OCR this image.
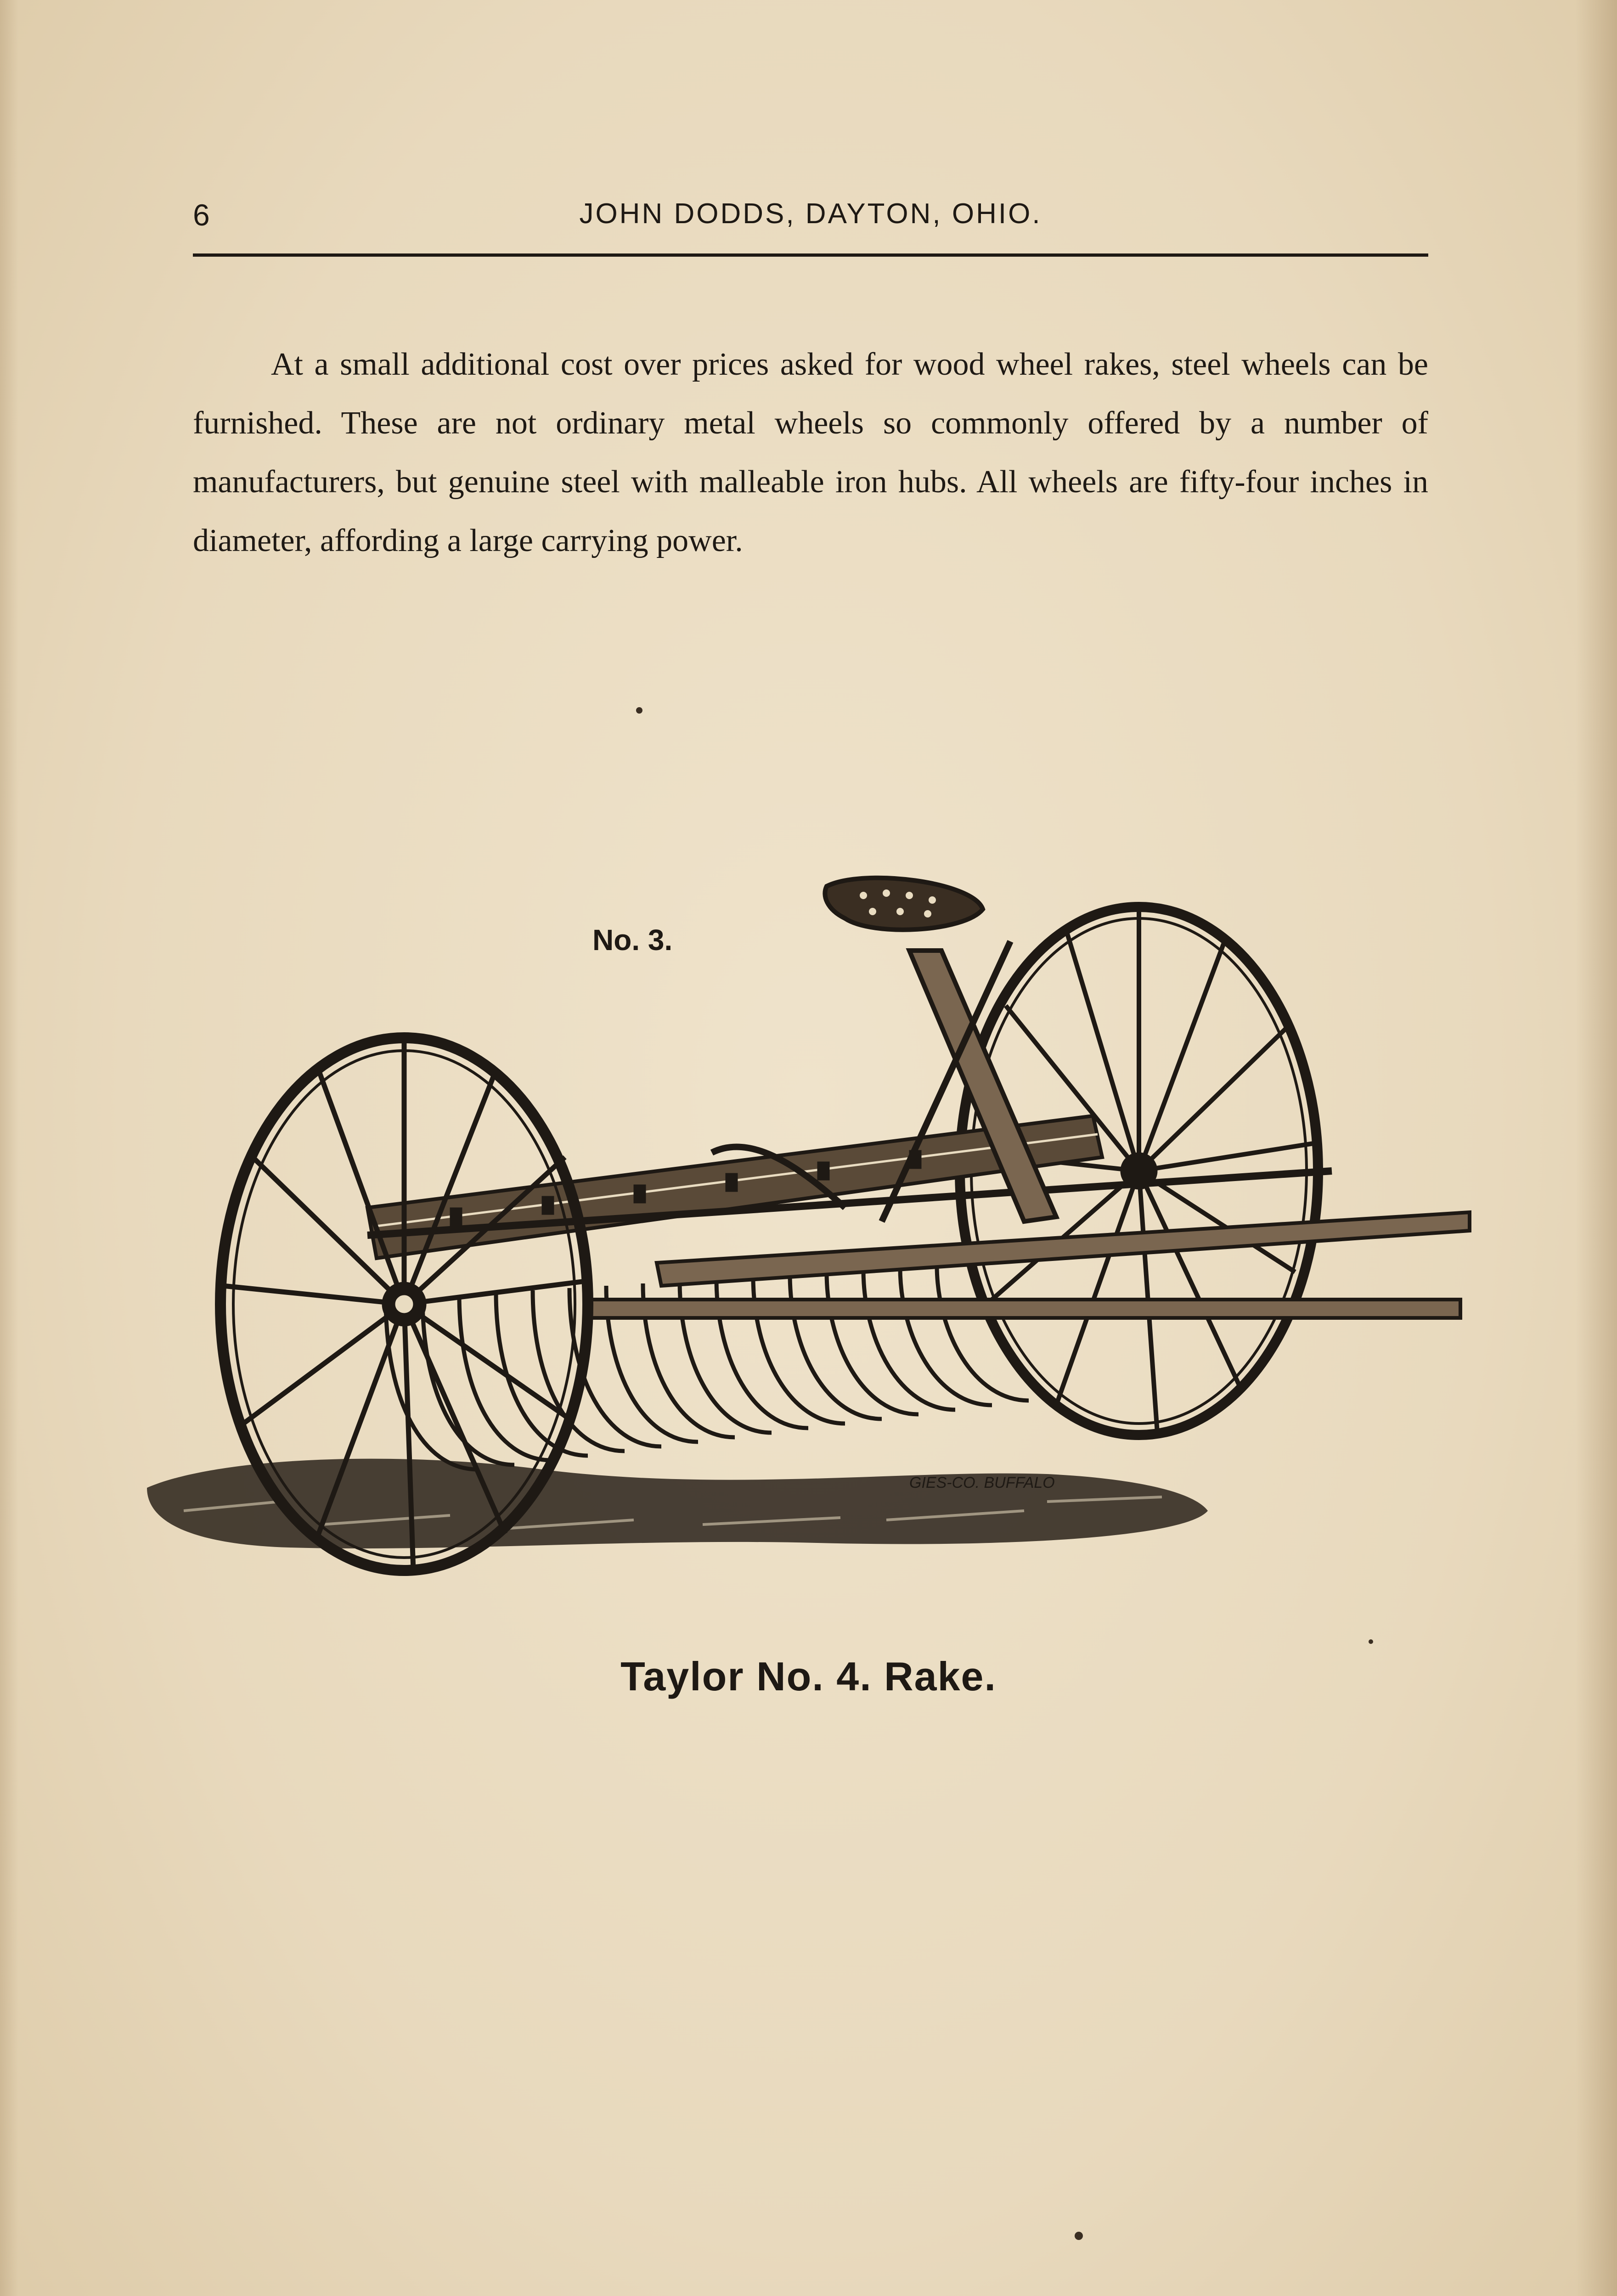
6	JOHN DODDS, DAYTON, OHIO.

At a small additional cost over prices asked for wood wheel rakes, steel wheels can be furnished. These are not ordinary metal wheels so commonly offered by a number of manufacturers, but genuine steel with malleable iron hubs. All wheels are fifty-four inches in diameter, affording a large carrying power.

GIES-CO. BUFFALO
No. 3.
Taylor No. 4. Rake.
